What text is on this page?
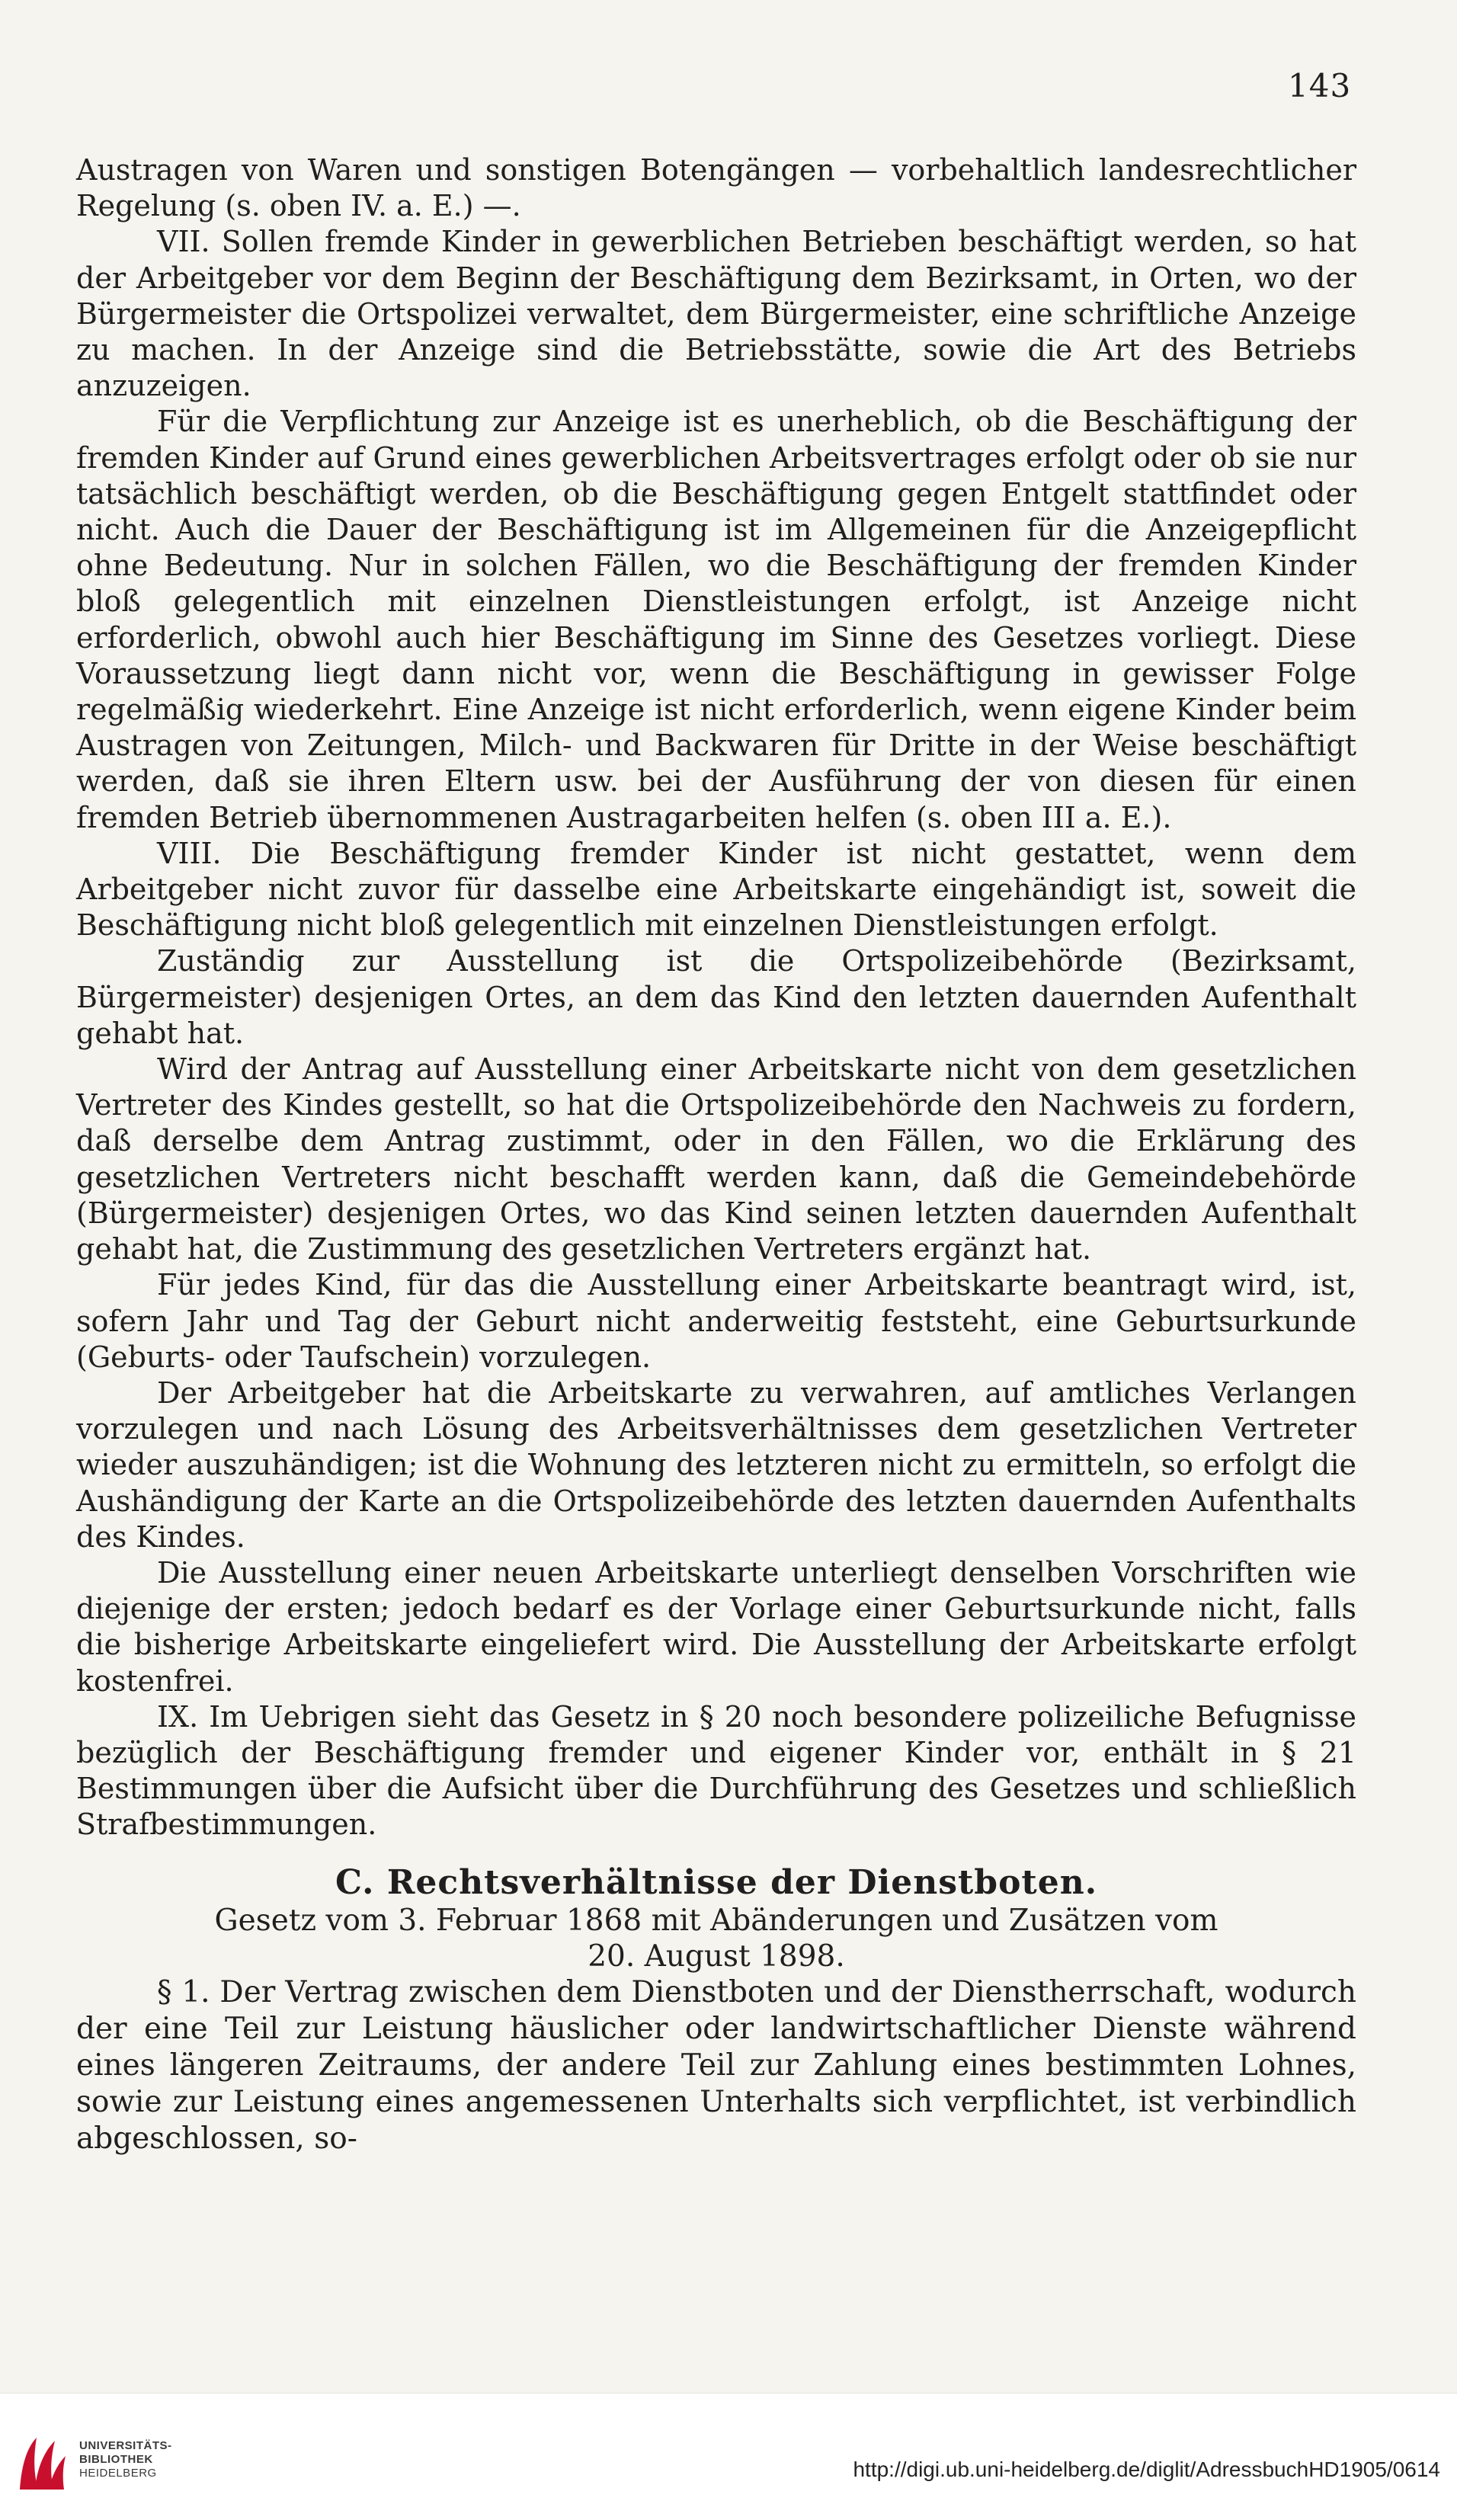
143

Austragen von Waren und sonstigen Botengängen — vorbehaltlich landesrechtlicher Regelung (s. oben IV. a. E.) —.

VII. Sollen fremde Kinder in gewerblichen Betrieben beschäftigt werden, so hat der Arbeitgeber vor dem Beginn der Beschäftigung dem Bezirksamt, in Orten, wo der Bürgermeister die Ortspolizei verwaltet, dem Bürgermeister, eine schriftliche Anzeige zu machen. In der Anzeige sind die Betriebsstätte, sowie die Art des Betriebs anzuzeigen.

Für die Verpflichtung zur Anzeige ist es unerheblich, ob die Beschäftigung der fremden Kinder auf Grund eines gewerblichen Arbeitsvertrages erfolgt oder ob sie nur tatsächlich beschäftigt werden, ob die Beschäftigung gegen Entgelt stattfindet oder nicht. Auch die Dauer der Beschäftigung ist im Allgemeinen für die Anzeigepflicht ohne Bedeutung. Nur in solchen Fällen, wo die Beschäftigung der fremden Kinder bloß gelegentlich mit einzelnen Dienstleistungen erfolgt, ist Anzeige nicht erforderlich, obwohl auch hier Beschäftigung im Sinne des Gesetzes vorliegt. Diese Voraussetzung liegt dann nicht vor, wenn die Beschäftigung in gewisser Folge regelmäßig wiederkehrt. Eine Anzeige ist nicht erforderlich, wenn eigene Kinder beim Austragen von Zeitungen, Milch- und Backwaren für Dritte in der Weise beschäftigt werden, daß sie ihren Eltern usw. bei der Ausführung der von diesen für einen fremden Betrieb übernommenen Austragarbeiten helfen (s. oben III a. E.).

VIII. Die Beschäftigung fremder Kinder ist nicht gestattet, wenn dem Arbeitgeber nicht zuvor für dasselbe eine Arbeitskarte eingehändigt ist, soweit die Beschäftigung nicht bloß gelegentlich mit einzelnen Dienstleistungen erfolgt.

Zuständig zur Ausstellung ist die Ortspolizeibehörde (Bezirksamt, Bürgermeister) desjenigen Ortes, an dem das Kind den letzten dauernden Aufenthalt gehabt hat.

Wird der Antrag auf Ausstellung einer Arbeitskarte nicht von dem gesetzlichen Vertreter des Kindes gestellt, so hat die Ortspolizeibehörde den Nachweis zu fordern, daß derselbe dem Antrag zustimmt, oder in den Fällen, wo die Erklärung des gesetzlichen Vertreters nicht beschafft werden kann, daß die Gemeindebehörde (Bürgermeister) desjenigen Ortes, wo das Kind seinen letzten dauernden Aufenthalt gehabt hat, die Zustimmung des gesetzlichen Vertreters ergänzt hat.

Für jedes Kind, für das die Ausstellung einer Arbeitskarte beantragt wird, ist, sofern Jahr und Tag der Geburt nicht anderweitig feststeht, eine Geburtsurkunde (Geburts- oder Taufschein) vorzulegen.

Der Arbeitgeber hat die Arbeitskarte zu verwahren, auf amtliches Verlangen vorzulegen und nach Lösung des Arbeitsverhältnisses dem gesetzlichen Vertreter wieder auszuhändigen; ist die Wohnung des letzteren nicht zu ermitteln, so erfolgt die Aushändigung der Karte an die Ortspolizeibehörde des letzten dauernden Aufenthalts des Kindes.

Die Ausstellung einer neuen Arbeitskarte unterliegt denselben Vorschriften wie diejenige der ersten; jedoch bedarf es der Vorlage einer Geburtsurkunde nicht, falls die bisherige Arbeitskarte eingeliefert wird. Die Ausstellung der Arbeitskarte erfolgt kostenfrei.

IX. Im Uebrigen sieht das Gesetz in § 20 noch besondere polizeiliche Befugnisse bezüglich der Beschäftigung fremder und eigener Kinder vor, enthält in § 21 Bestimmungen über die Aufsicht über die Durchführung des Gesetzes und schließlich Strafbestimmungen.

C. Rechtsverhältnisse der Dienstboten.
Gesetz vom 3. Februar 1868 mit Abänderungen und Zusätzen vom
20. August 1898.

§ 1. Der Vertrag zwischen dem Dienstboten und der Dienstherrschaft, wodurch der eine Teil zur Leistung häuslicher oder landwirtschaftlicher Dienste während eines längeren Zeitraums, der andere Teil zur Zahlung eines bestimmten Lohnes, sowie zur Leistung eines angemessenen Unterhalts sich verpflichtet, ist verbindlich abgeschlossen, so-

UNIVERSITÄTS-
BIBLIOTHEK
HEIDELBERG	http://digi.ub.uni-heidelberg.de/diglit/AdressbuchHD1905/0614
